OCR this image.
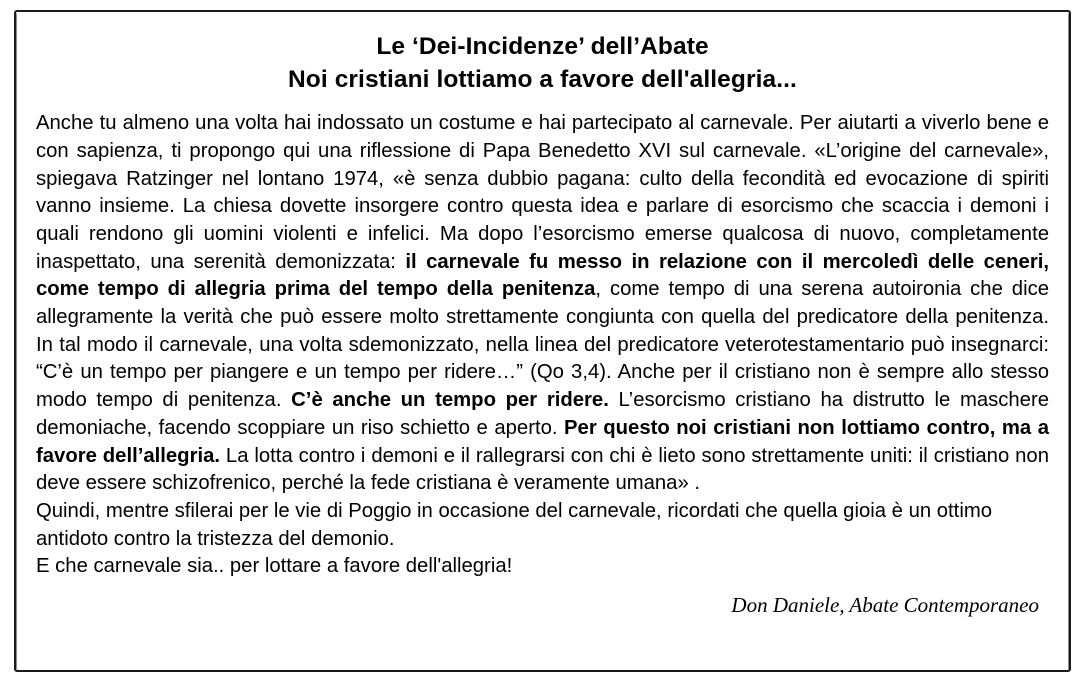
Le ‘Dei-Incidenze’ dell’Abate
Noi cristiani lottiamo a favore dell'allegria...

Anche tu almeno una volta hai indossato un costume e hai partecipato al carnevale. Per aiutarti a viverlo bene e con sapienza, ti propongo qui una riflessione di Papa Benedetto XVI sul carnevale. «L’origine del carnevale», spiegava Ratzinger nel lontano 1974, «è senza dubbio pagana: culto della fecondità ed evocazione di spiriti vanno insieme. La chiesa dovette insorgere contro questa idea e parlare di esorcismo che scaccia i demoni i quali rendono gli uomini violenti e infelici. Ma dopo l’esorcismo emerse qualcosa di nuovo, completamente inaspettato, una serenità demonizzata: il carnevale fu messo in relazione con il mercoledì delle ceneri, come tempo di allegria prima del tempo della penitenza, come tempo di una serena autoironia che dice allegramente la verità che può essere molto strettamente congiunta con quella del predicatore della penitenza. In tal modo il carnevale, una volta sdemonizzato, nella linea del predicatore veterotestamentario può insegnarci: “C’è un tempo per piangere e un tempo per ridere…” (Qo 3,4). Anche per il cristiano non è sempre allo stesso modo tempo di penitenza. C’è anche un tempo per ridere. L’esorcismo cristiano ha distrutto le maschere demoniache, facendo scoppiare un riso schietto e aperto. Per questo noi cristiani non lottiamo contro, ma a favore dell’allegria. La lotta contro i demoni e il rallegrarsi con chi è lieto sono strettamente uniti: il cristiano non deve essere schizofrenico, perché la fede cristiana è veramente umana» .

Quindi, mentre sfilerai per le vie di Poggio in occasione del carnevale, ricordati che quella gioia è un ottimo antidoto contro la tristezza del demonio.

E che carnevale sia.. per lottare a favore dell'allegria!

Don Daniele, Abate Contemporaneo
